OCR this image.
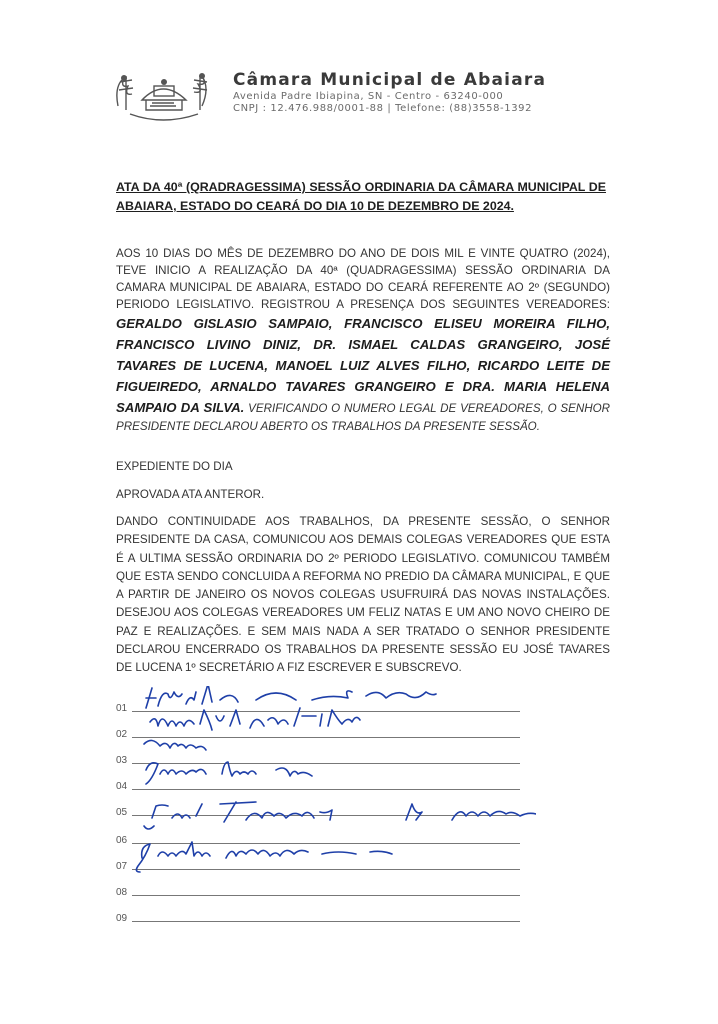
Câmara Municipal de Abaiara
Avenida Padre Ibiapina, SN - Centro - 63240-000
CNPJ : 12.476.988/0001-88 | Telefone: (88)3558-1392
ATA DA 40ª (QRADRAGESSIMA) SESSÃO ORDINARIA DA CÂMARA MUNICIPAL DE ABAIARA, ESTADO DO CEARÁ DO DIA 10 DE DEZEMBRO DE 2024.
AOS 10 DIAS DO MÊS DE DEZEMBRO DO ANO DE DOIS MIL E VINTE QUATRO (2024), TEVE INICIO A REALIZAÇÃO DA 40ª (QUADRAGESSIMA) SESSÃO ORDINARIA DA CAMARA MUNICIPAL DE ABAIARA, ESTADO DO CEARÁ REFERENTE AO 2º (SEGUNDO) PERIODO LEGISLATIVO. REGISTROU A PRESENÇA DOS SEGUINTES VEREADORES: GERALDO GISLASIO SAMPAIO, FRANCISCO ELISEU MOREIRA FILHO, FRANCISCO LIVINO DINIZ, DR. ISMAEL CALDAS GRANGEIRO, JOSÉ TAVARES DE LUCENA, MANOEL LUIZ ALVES FILHO, RICARDO LEITE DE FIGUEIREDO, ARNALDO TAVARES GRANGEIRO E DRA. MARIA HELENA SAMPAIO DA SILVA. VERIFICANDO O NUMERO LEGAL DE VEREADORES, O SENHOR PRESIDENTE DECLAROU ABERTO OS TRABALHOS DA PRESENTE SESSÃO.
EXPEDIENTE DO DIA
APROVADA ATA ANTEROR.
DANDO CONTINUIDADE AOS TRABALHOS, DA PRESENTE SESSÃO, O SENHOR PRESIDENTE DA CASA, COMUNICOU AOS DEMAIS COLEGAS VEREADORES QUE ESTA É A ULTIMA SESSÃO ORDINARIA DO 2º PERIODO LEGISLATIVO. COMUNICOU TAMBÉM QUE ESTA SENDO CONCLUIDA A REFORMA NO PREDIO DA CÂMARA MUNICIPAL, E QUE A PARTIR DE JANEIRO OS NOVOS COLEGAS USUFRUIRÁ DAS NOVAS INSTALAÇÕES. DESEJOU AOS COLEGAS VEREADORES UM FELIZ NATAS E UM ANO NOVO CHEIRO DE PAZ E REALIZAÇÕES. E SEM MAIS NADA A SER TRATADO O SENHOR PRESIDENTE DECLAROU ENCERRADO OS TRABALHOS DA PRESENTE SESSÃO EU JOSÉ TAVARES DE LUCENA 1º SECRETÁRIO A FIZ ESCREVER E SUBSCREVO.
01
02
03
04
05
06
07
08
09
